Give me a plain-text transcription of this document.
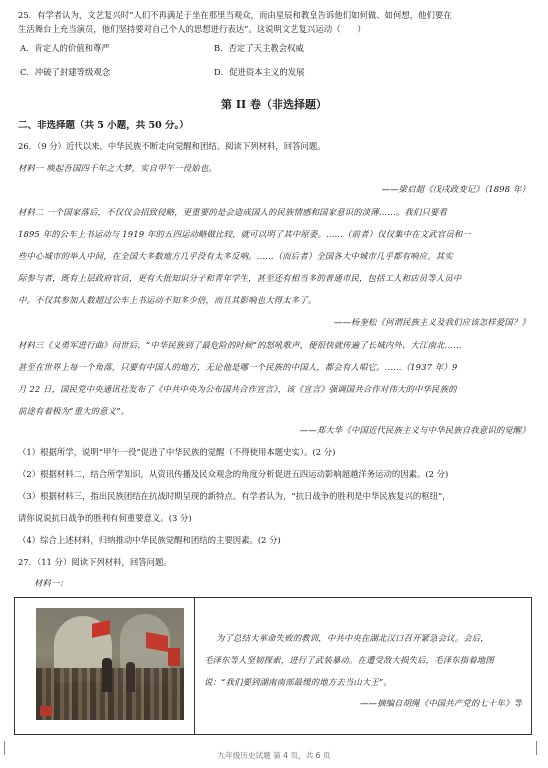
25．有学者认为，文艺复兴时“人们不再满足于坐在那里当观众，而由星辰和教皇告诉他们如何做、如何想，他们要在
生活舞台上充当演员，他们坚持要对自己个人的思想进行表达”。这说明文艺复兴运动（　　）
A．肯定人的价值和尊严	B．否定了天主教会权威
C．冲破了封建等级观念	D．促进资本主义的发展
第 II 卷（非选择题）
二、非选择题（共 5 小题，共 50 分。）
26．（9 分）近代以来，中华民族不断走向觉醒和团结。阅读下列材料，回答问题。
材料一 唤起吾国四千年之大梦，实自甲午一役始也。
——梁启超《戊戌政变记》（1898 年）
材料二 一个国家落后，不仅仅会招致侵略，更重要的是会造成国人的民族情感和国家意识的淡薄……。我们只要看
1895 年的公车上书运动与 1919 年的五四运动略做比较，就可以明了其中原委。……（前者）仅仅集中在文武官员和一
些中心城市的举人中间，在全国大多数地方几乎没有太多反响。……（而后者）全国各大中城市几乎都有响应。其实
际参与者，既有上层政府官员，更有大批知识分子和青年学生，甚至还有相当多的普通市民，包括工人和店员等人员中
中。不仅其参加人数超过公车上书运动不知多少倍，而且其影响也大得太多了。
——杨奎松《何谓民族主义及我们应该怎样爱国？》
材料三《义勇军进行曲》问世后，“中华民族到了最危险的时候”的怒吼歌声，便很快就传遍了长城内外、大江南北……
甚至在世界上每一个角落，只要有中国人的地方，无论他是哪一个民族的中国人，都会有人唱它。……（1937 年）9
月 22 日，国民党中央通讯社发布了《中共中央为公布国共合作宣言》，该《宣言》强调国共合作对伟大的中华民族的
前途有着极为“重大的意义”。
——郑大华《中国近代民族主义与中华民族自我意识的觉醒》
（1）根据所学，说明“甲午一役”促进了中华民族的觉醒（不得使用本题史实）。(2 分)
（2）根据材料二，结合所学知识，从资讯传播及民众观念的角度分析促进五四运动影响超越洋务运动的因素。(2 分)
（3）根据材料三，指出民族团结在抗战时期呈现的新特点。有学者认为，“抗日战争的胜利是中华民族复兴的枢纽”，
请你说说抗日战争的胜利有何重要意义。(3 分)
（4）综合上述材料，归纳推动中华民族觉醒和团结的主要因素。(2 分)
27．（11 分）阅读下列材料，回答问题。
材料一：
为了总结大革命失败的教训，中共中央在湖北汉口召开紧急会议。会后，
毛泽东等人坚韧探索，进行了武装暴动。在遭受敌大损失后，毛泽东指着地图
说：“我们要到湖南南部最缓的地方去当山大王”。
——摘编自胡绳《中国共产党的七十年》等
九年级历史试题 第 4 页，共 6 页
